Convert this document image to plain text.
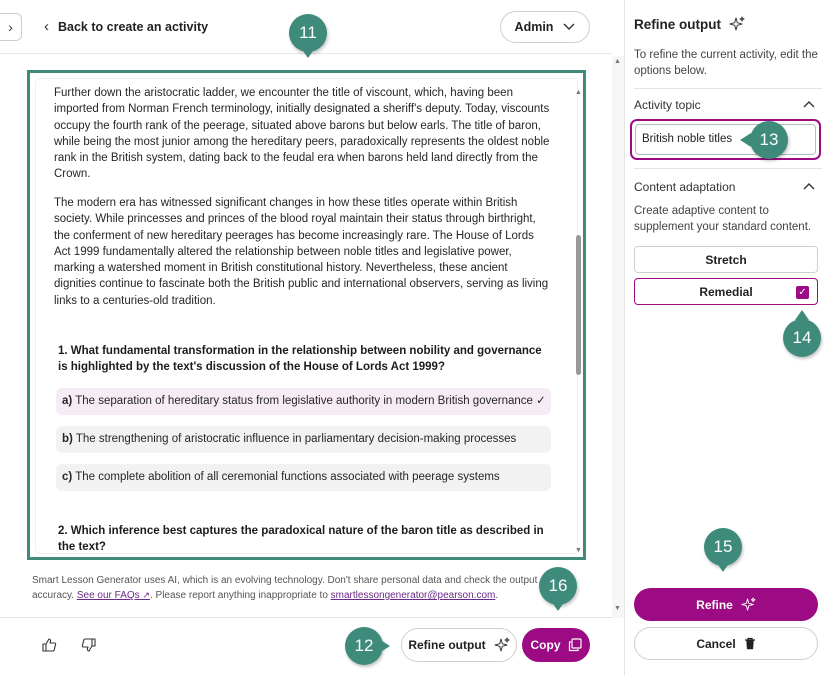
› ‹ Back to create an activity	Admin

Further down the aristocratic ladder, we encounter the title of viscount, which, having been imported from Norman French terminology, initially designated a sheriff's deputy. Today, viscounts occupy the fourth rank of the peerage, situated above barons but below earls. The title of baron, while being the most junior among the hereditary peers, paradoxically represents the oldest noble rank in the British system, dating back to the feudal era when barons held land directly from the Crown.

The modern era has witnessed significant changes in how these titles operate within British society. While princesses and princes of the blood royal maintain their status through birthright, the conferment of new hereditary peerages has become increasingly rare. The House of Lords Act 1999 fundamentally altered the relationship between noble titles and legislative power, marking a watershed moment in British constitutional history. Nevertheless, these ancient dignities continue to fascinate both the British public and international observers, serving as living links to a centuries-old tradition.

1. What fundamental transformation in the relationship between nobility and governance is highlighted by the text's discussion of the House of Lords Act 1999?

a) The separation of hereditary status from legislative authority in modern British governance ✓
b) The strengthening of aristocratic influence in parliamentary decision-making processes
c) The complete abolition of all ceremonial functions associated with peerage systems

2. Which inference best captures the paradoxical nature of the baron title as described in the text?

▲
▼

Smart Lesson Generator uses AI, which is an evolving technology. Don't share personal data and check the output accuracy. See our FAQs ↗. Please report anything inappropriate to smartlessongenerator@pearson.com.

Refine output	Copy
▲
▼
Refine output

To refine the current activity, edit the options below.

Activity topic
British noble titles
Content adaptation

Create adaptive content to supplement your standard content.

Stretch
Remedial	✓
Refine
Cancel
11
12
13
14
15
16
